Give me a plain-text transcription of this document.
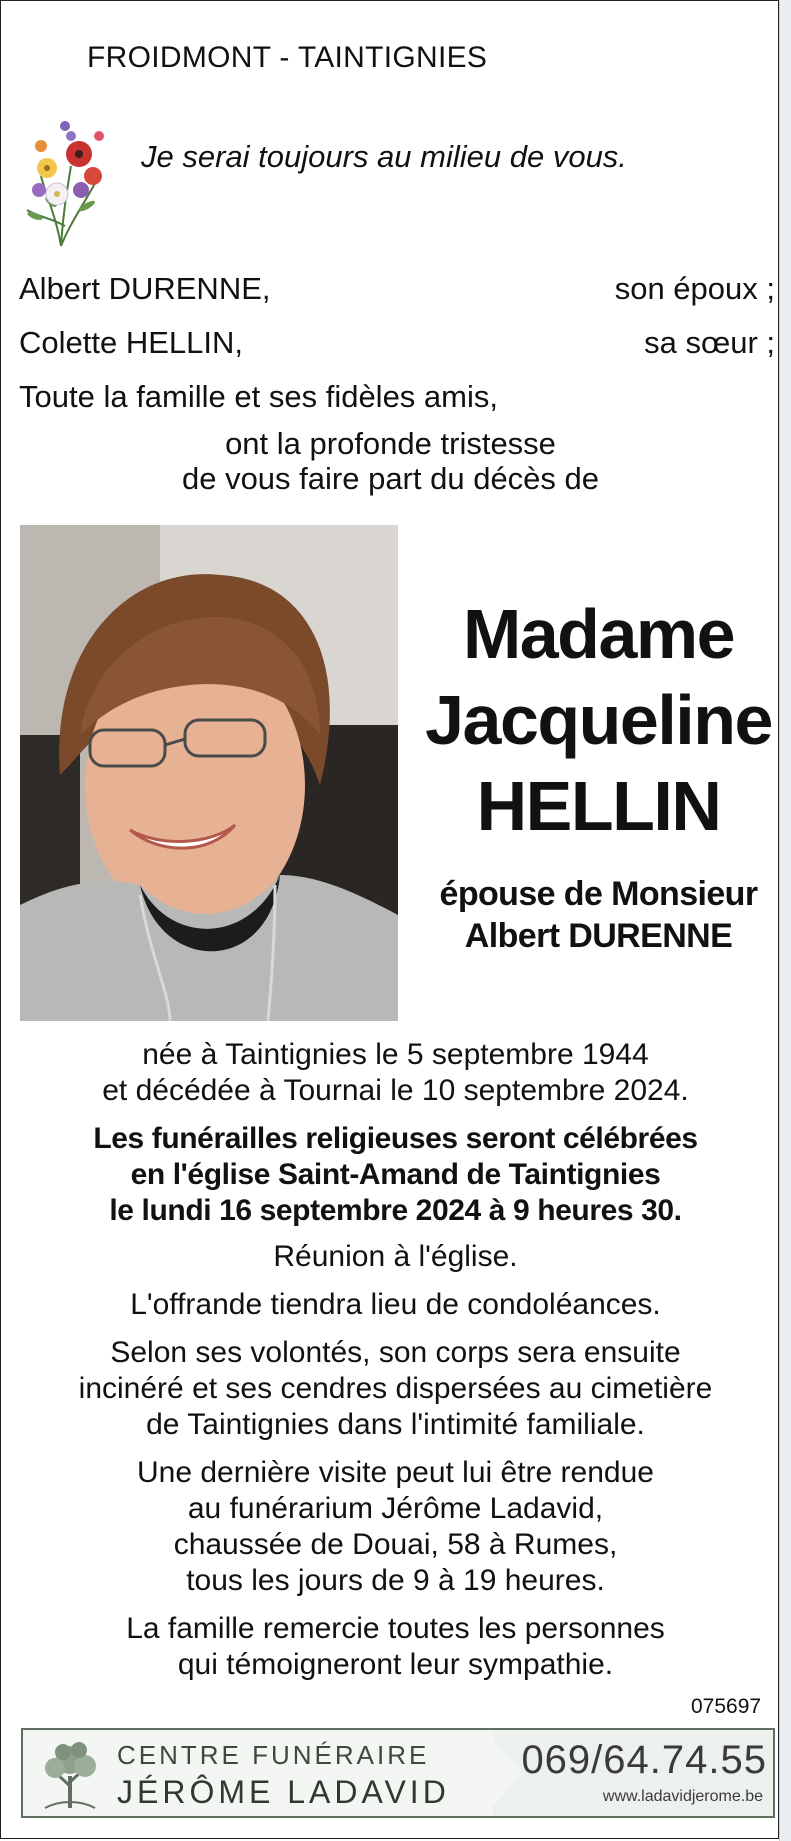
FROIDMONT - TAINTIGNIES
Je serai toujours au milieu de vous.
Albert DURENNE,	son époux ;
Colette HELLIN,	sa sœur ;
Toute la famille et ses fidèles amis,
ont la profonde tristesse
de vous faire part du décès de
Madame
Jacqueline
HELLIN
épouse de Monsieur
Albert DURENNE
née à Taintignies le 5 septembre 1944
et décédée à Tournai le 10 septembre 2024.
Les funérailles religieuses seront célébrées
en l'église Saint-Amand de Taintignies
le lundi 16 septembre 2024 à 9 heures 30.
Réunion à l'église.
L'offrande tiendra lieu de condoléances.
Selon ses volontés, son corps sera ensuite
incinéré et ses cendres dispersées au cimetière
de Taintignies dans l'intimité familiale.
Une dernière visite peut lui être rendue
au funérarium Jérôme Ladavid,
chaussée de Douai, 58 à Rumes,
tous les jours de 9 à 19 heures.
La famille remercie toutes les personnes
qui témoigneront leur sympathie.
075697
CENTRE FUNÉRAIRE
JÉRÔME LADAVID
069/64.74.55
www.ladavidjerome.be
